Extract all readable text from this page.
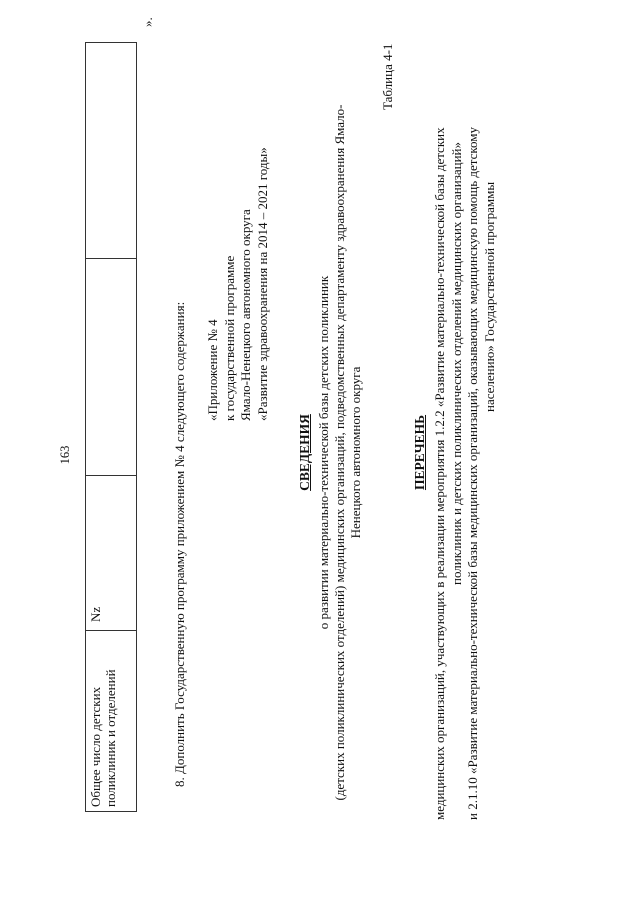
163
Общее число детских поликлиник и отделений	Nz		
».
8. Дополнить Государственную программу приложением № 4 следующего содержания: «Приложение № 4 к государственной программе Ямало-Ненецкого автономного округа «Развитие здравоохранения на 2014 – 2021 годы»
СВЕДЕНИЯ о развитии материально-технической базы детских поликлиник (детских поликлинических отделений) медицинских организаций, подведомственных департаменту здравоохранения Ямало- Ненецкого автономного округа
Таблица 4-1
ПЕРЕЧЕНЬ медицинских организаций, участвующих в реализации мероприятия 1.2.2 «Развитие материально-технической базы детских поликлиник и детских поликлинических отделений медицинских организаций» и 2.1.10 «Развитие материально-технической базы медицинских организаций, оказывающих медицинскую помощь детскому населению» Государственной программы
